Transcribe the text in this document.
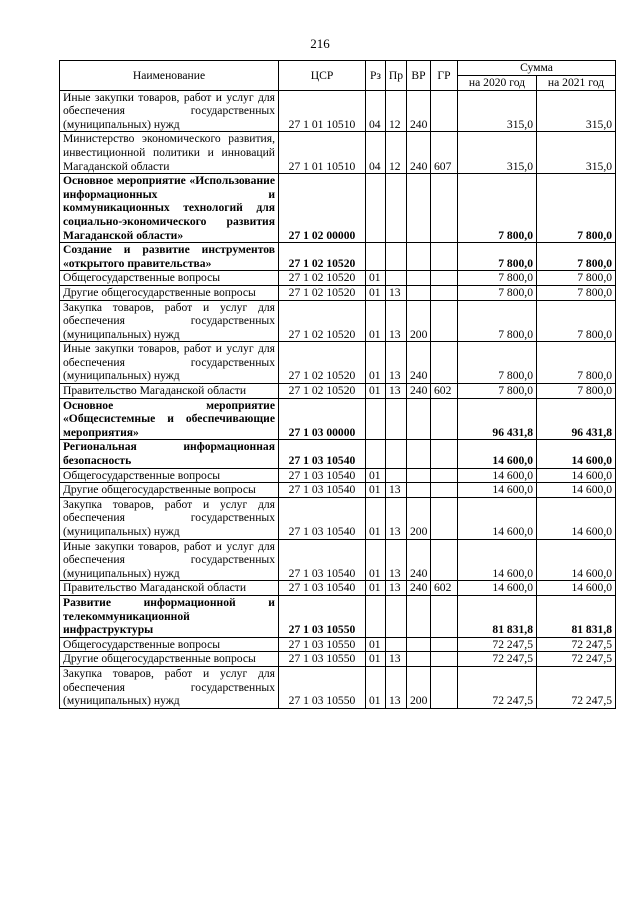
216
Наименование	ЦСР	Рз	Пр	ВР	ГР	Сумма	
						на 2020 год	на 2021 год
Иные закупки товаров, работ и услуг для обеспечения государственных (муниципальных) нужд	27 1 01 10510	04	12	240		315,0	315,0
Министерство экономического развития, инвестиционной политики и инноваций Магаданской области	27 1 01 10510	04	12	240	607	315,0	315,0
Основное мероприятие «Использование информационных и коммуникационных технологий для социально-экономического развития Магаданской области»	27 1 02 00000					7 800,0	7 800,0
Создание и развитие инструментов «открытого правительства»	27 1 02 10520					7 800,0	7 800,0
Общегосударственные вопросы	27 1 02 10520	01				7 800,0	7 800,0
Другие общегосударственные вопросы	27 1 02 10520	01	13			7 800,0	7 800,0
Закупка товаров, работ и услуг для обеспечения государственных (муниципальных) нужд	27 1 02 10520	01	13	200		7 800,0	7 800,0
Иные закупки товаров, работ и услуг для обеспечения государственных (муниципальных) нужд	27 1 02 10520	01	13	240		7 800,0	7 800,0
Правительство Магаданской области	27 1 02 10520	01	13	240	602	7 800,0	7 800,0
Основное мероприятие «Общесистемные и обеспечивающие мероприятия»	27 1 03 00000					96 431,8	96 431,8
Региональная информационная безопасность	27 1 03 10540					14 600,0	14 600,0
Общегосударственные вопросы	27 1 03 10540	01				14 600,0	14 600,0
Другие общегосударственные вопросы	27 1 03 10540	01	13			14 600,0	14 600,0
Закупка товаров, работ и услуг для обеспечения государственных (муниципальных) нужд	27 1 03 10540	01	13	200		14 600,0	14 600,0
Иные закупки товаров, работ и услуг для обеспечения государственных (муниципальных) нужд	27 1 03 10540	01	13	240		14 600,0	14 600,0
Правительство Магаданской области	27 1 03 10540	01	13	240	602	14 600,0	14 600,0
Развитие информационной и телекоммуникационной инфраструктуры	27 1 03 10550					81 831,8	81 831,8
Общегосударственные вопросы	27 1 03 10550	01				72 247,5	72 247,5
Другие общегосударственные вопросы	27 1 03 10550	01	13			72 247,5	72 247,5
Закупка товаров, работ и услуг для обеспечения государственных (муниципальных) нужд	27 1 03 10550	01	13	200		72 247,5	72 247,5
